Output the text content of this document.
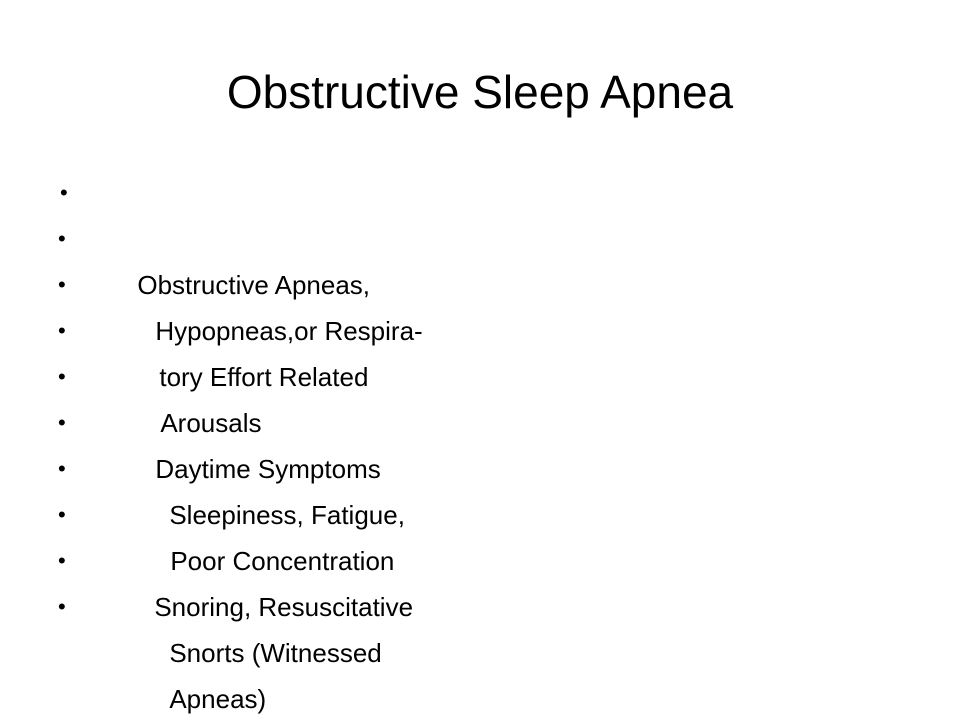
Obstructive Sleep Apnea

•

Obstructive Apneas,

•

Hypopneas,or Respira-

•

tory Effort Related

•

Arousals

•

Daytime Symptoms

•

Sleepiness, Fatigue,

•

Poor Concentration

•

Snoring, Resuscitative

•

Snorts (Witnessed

•

Apneas)
